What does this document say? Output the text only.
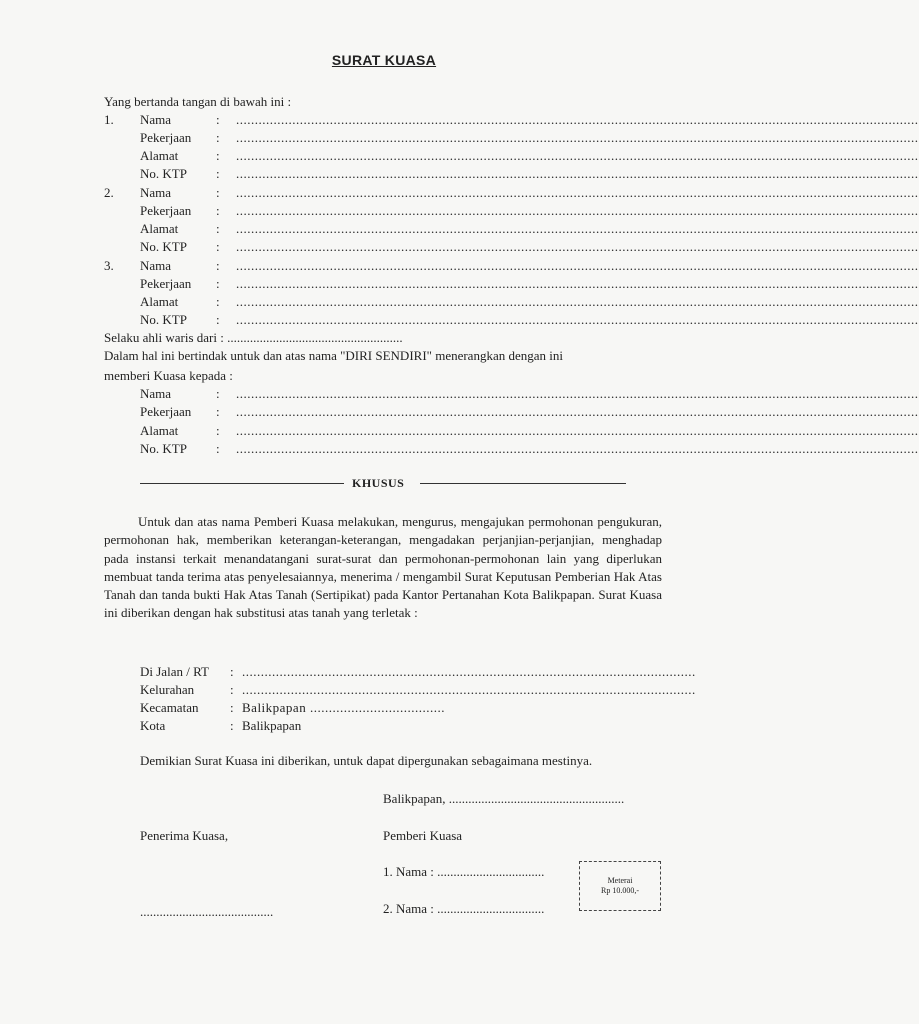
SURAT KUASA
Yang bertanda tangan di bawah ini :
1. Nama	: ......................................................................................................................................................................................
Pekerjaan : ......................................................................................................................................................................................
Alamat	: ......................................................................................................................................................................................
No. KTP : ......................................................................................................................................................................................
2. Nama	: ......................................................................................................................................................................................
Pekerjaan : ......................................................................................................................................................................................
Alamat	: ......................................................................................................................................................................................
No. KTP : ......................................................................................................................................................................................
3. Nama	: ......................................................................................................................................................................................
Pekerjaan : ......................................................................................................................................................................................
Alamat	: ......................................................................................................................................................................................
No. KTP : ......................................................................................................................................................................................
Selaku ahli waris dari : ......................................................
Dalam hal ini bertindak untuk dan atas nama "DIRI SENDIRI" menerangkan dengan ini
memberi Kuasa kepada :
Nama	: ......................................................................................................................................................................................
Pekerjaan : ......................................................................................................................................................................................
Alamat	: ......................................................................................................................................................................................
No. KTP : ......................................................................................................................................................................................
KHUSUS
Untuk dan atas nama Pemberi Kuasa melakukan, mengurus, mengajukan permohonan pengukuran, permohonan hak, memberikan keterangan-keterangan, mengadakan perjanjian-perjanjian, menghadap pada instansi terkait menandatangani surat-surat dan permohonan-permohonan lain yang diperlukan membuat tanda terima atas penyelesaiannya, menerima / mengambil Surat Keputusan Pemberian Hak Atas Tanah dan tanda bukti Hak Atas Tanah (Sertipikat) pada Kantor Pertanahan Kota Balikpapan. Surat Kuasa ini diberikan dengan hak substitusi atas tanah yang terletak :
Di Jalan / RT : .........................................................................................................................
Kelurahan	: .........................................................................................................................
Kecamatan : Balikpapan ....................................
Kota	: Balikpapan
Demikian Surat Kuasa ini diberikan, untuk dapat dipergunakan sebagaimana mestinya.
Balikpapan, ......................................................
Penerima Kuasa,	Pemberi Kuasa
1. Nama : .................................
2. Nama : .................................
.........................................
Meterai
Rp 10.000,-
